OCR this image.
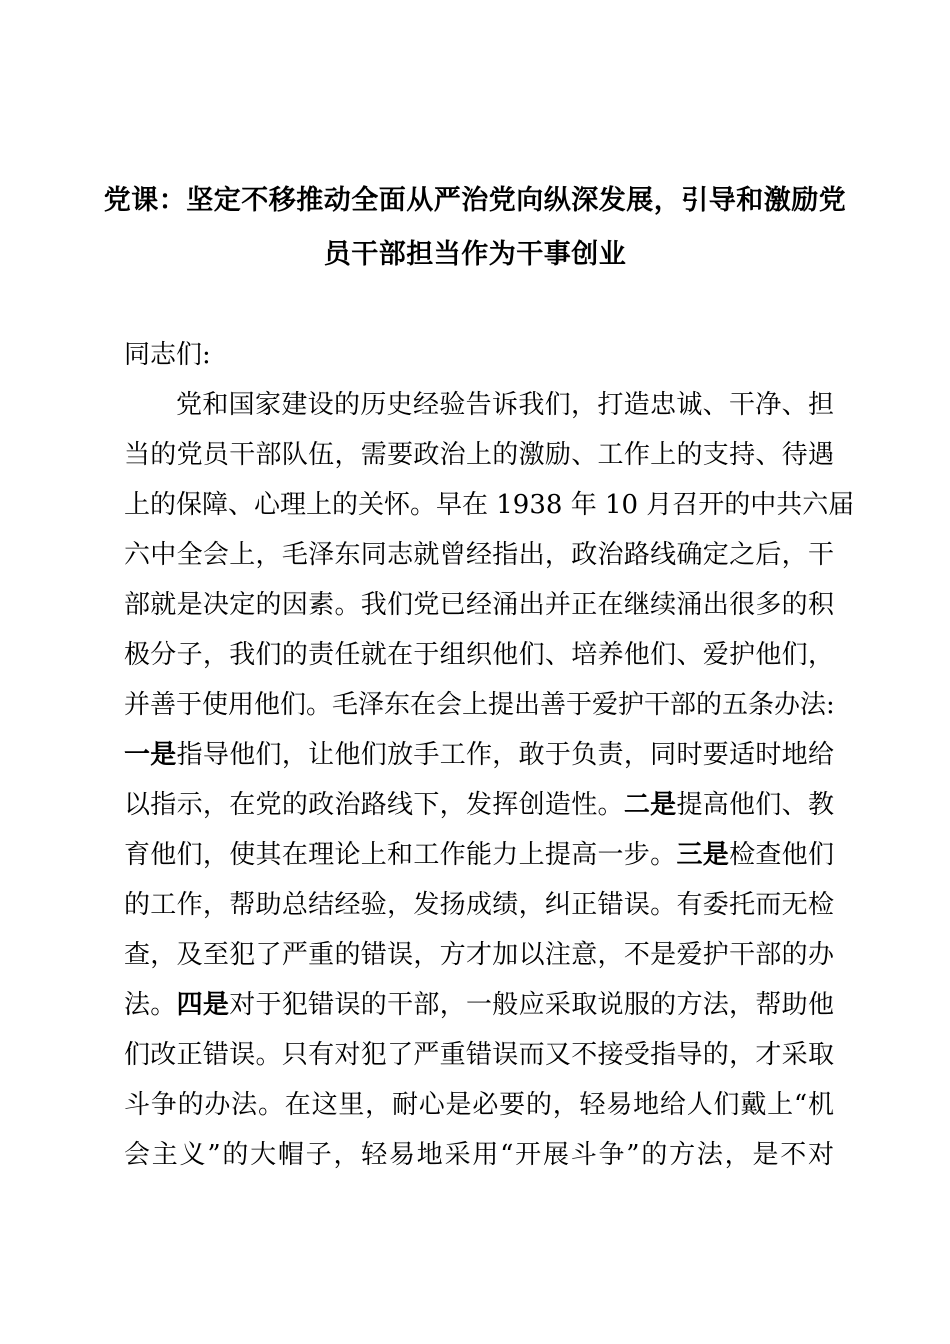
党课：坚定不移推动全面从严治党向纵深发展，引导和激励党
员干部担当作为干事创业
同志们:
党和国家建设的历史经验告诉我们，打造忠诚、干净、担
当的党员干部队伍，需要政治上的激励、工作上的支持、待遇
上的保障、心理上的关怀。早在 1938 年 10 月召开的中共六届
六中全会上，毛泽东同志就曾经指出，政治路线确定之后，干
部就是决定的因素。我们党已经涌出并正在继续涌出很多的积
极分子，我们的责任就在于组织他们、培养他们、爱护他们，
并善于使用他们。毛泽东在会上提出善于爱护干部的五条办法:
一是指导他们，让他们放手工作，敢于负责，同时要适时地给
以指示，在党的政治路线下，发挥创造性。二是提高他们、教
育他们，使其在理论上和工作能力上提高一步。三是检查他们
的工作，帮助总结经验，发扬成绩，纠正错误。有委托而无检
查，及至犯了严重的错误，方才加以注意，不是爱护干部的办
法。四是对于犯错误的干部，一般应采取说服的方法，帮助他
们改正错误。只有对犯了严重错误而又不接受指导的，才采取
斗争的办法。在这里，耐心是必要的，轻易地给人们戴上“机
会主义”的大帽子，轻易地采用“开展斗争”的方法，是不对
